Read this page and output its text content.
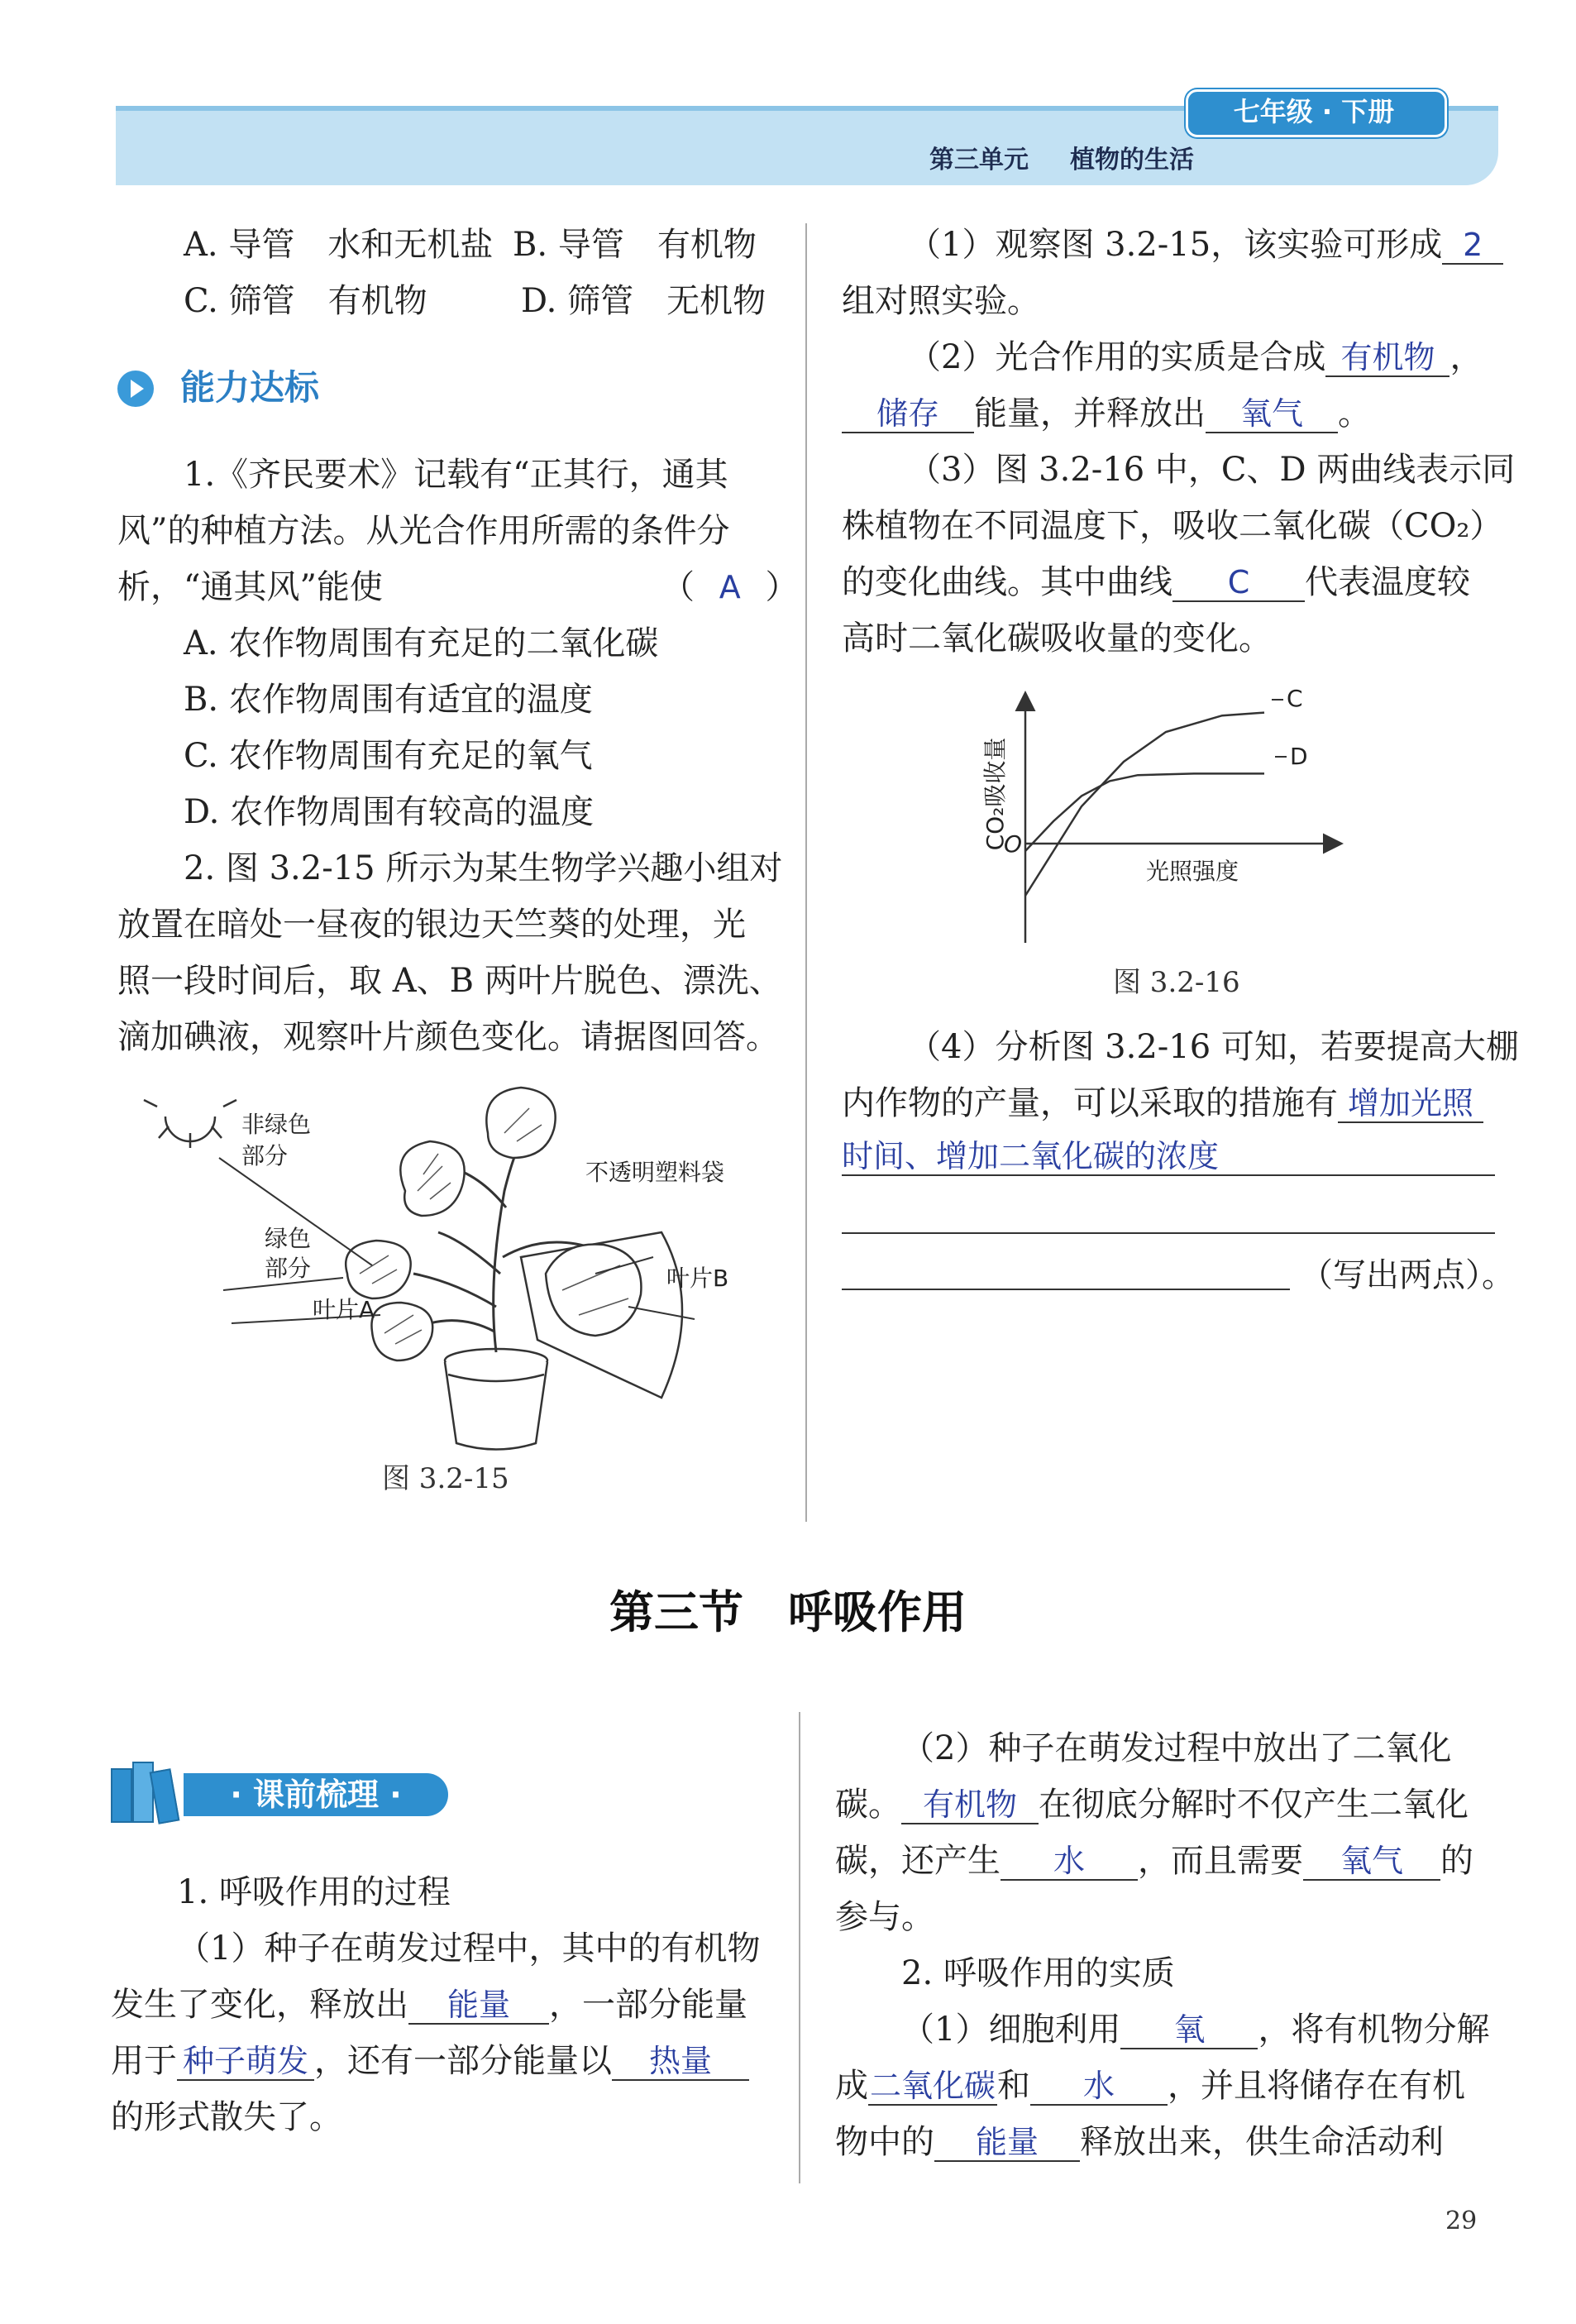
七年级 · 下册
第三单元 植物的生活
A. 导管　 水和无机盐 B. 导管　 有机物
C. 筛管　 有机物	D. 筛管　 无机物
能力达标
1.《齐民要术》记载有“正其行，通其
风”的种植方法。从光合作用所需的条件分
析，“通其风”能使	（ A ）
A. 农作物周围有充足的二氧化碳
B. 农作物周围有适宜的温度
C. 农作物周围有充足的氧气
D. 农作物周围有较高的温度
2. 图 3.2-15 所示为某生物学兴趣小组对
放置在暗处一昼夜的银边天竺葵的处理，光
照一段时间后，取 A、B 两叶片脱色、漂洗、
滴加碘液，观察叶片颜色变化。请据图回答。
非绿色
部分
绿色
部分
叶片A
不透明塑料袋
叶片B
图 3.2-15
（1）观察图 3.2-15，该实验可形成 2
组对照实验。
（2）光合作用的实质是合成 有机物 ，
储存 能量，并释放出 氧气 。
（3）图 3.2-16 中，C、D 两曲线表示同
株植物在不同温度下，吸收二氧化碳（CO₂）
的变化曲线。其中曲线 C 代表温度较
高时二氧化碳吸收量的变化。
C
D
O
光照强度
CO₂吸收量
图 3.2-16
（4）分析图 3.2-16 可知，若要提高大棚
内作物的产量，可以采取的措施有 增加光照
时间、增加二氧化碳的浓度
（写出两点）。
第三节　呼吸作用
· 课前梳理 ·
1. 呼吸作用的过程
（1）种子在萌发过程中，其中的有机物
发生了变化，释放出 能量 ，一部分能量
用于 种子萌发 ，还有一部分能量以 热量
的形式散失了。
（2）种子在萌发过程中放出了二氧化
碳。 有机物 在彻底分解时不仅产生二氧化
碳，还产生 水 ，而且需要 氧气 的
参与。
2. 呼吸作用的实质
（1）细胞利用 氧 ，将有机物分解
成二氧化碳和 水 ，并且将储存在有机
物中的 能量 释放出来，供生命活动利
29
